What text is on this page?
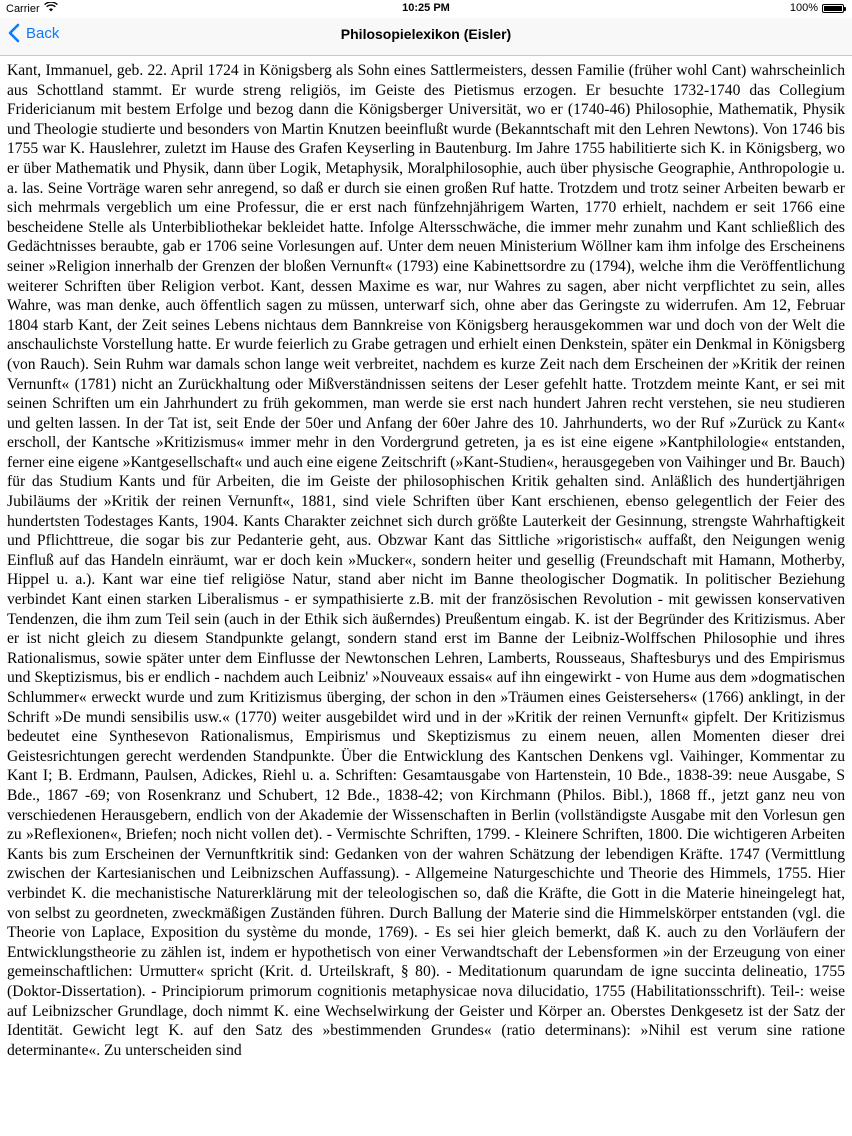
Carrier	10:25 PM	100%
Back	Philosopielexikon (Eisler)
Kant, Immanuel, geb. 22. April 1724 in Königsberg als Sohn eines Sattlermeisters, dessen Familie (früher wohl Cant) wahrscheinlich aus Schottland stammt. Er wurde streng religiös, im Geiste des Pietismus erzogen. Er besuchte 1732-1740 das Collegium Fridericianum mit bestem Erfolge und bezog dann die Königsberger Universität, wo er (1740-46) Philosophie, Mathematik, Physik und Theologie studierte und besonders von Martin Knutzen beeinflußt wurde (Bekanntschaft mit den Lehren Newtons). Von 1746 bis 1755 war K. Hauslehrer, zuletzt im Hause des Grafen Keyserling in Bautenburg. Im Jahre 1755 habilitierte sich K. in Königsberg, wo er über Mathematik und Physik, dann über Logik, Metaphysik, Moralphilosophie, auch über physische Geographie, Anthropologie u. a. las. Seine Vorträge waren sehr anregend, so daß er durch sie einen großen Ruf hatte. Trotzdem und trotz seiner Arbeiten bewarb er sich mehrmals vergeblich um eine Professur, die er erst nach fünfzehnjährigem Warten, 1770 erhielt, nachdem er seit 1766 eine bescheidene Stelle als Unterbibliothekar bekleidet hatte. Infolge Altersschwäche, die immer mehr zunahm und Kant schließlich des Gedächtnisses beraubte, gab er 1706 seine Vorlesungen auf. Unter dem neuen Ministerium Wöllner kam ihm infolge des Erscheinens seiner »Religion innerhalb der Grenzen der bloßen Vernunft« (1793) eine Kabinettsordre zu (1794), welche ihm die Veröffentlichung weiterer Schriften über Religion verbot. Kant, dessen Maxime es war, nur Wahres zu sagen, aber nicht verpflichtet zu sein, alles Wahre, was man denke, auch öffentlich sagen zu müssen, unterwarf sich, ohne aber das Geringste zu widerrufen. Am 12, Februar 1804 starb Kant, der Zeit seines Lebens nichtaus dem Bannkreise von Königsberg herausgekommen war und doch von der Welt die anschaulichste Vorstellung hatte. Er wurde feierlich zu Grabe getragen und erhielt einen Denkstein, später ein Denkmal in Königsberg (von Rauch). Sein Ruhm war damals schon lange weit verbreitet, nachdem es kurze Zeit nach dem Erscheinen der »Kritik der reinen Vernunft« (1781) nicht an Zurückhaltung oder Mißverständnissen seitens der Leser gefehlt hatte. Trotzdem meinte Kant, er sei mit seinen Schriften um ein Jahrhundert zu früh gekommen, man werde sie erst nach hundert Jahren recht verstehen, sie neu studieren und gelten lassen. In der Tat ist, seit Ende der 50er und Anfang der 60er Jahre des 10. Jahrhunderts, wo der Ruf »Zurück zu Kant« erscholl, der Kantsche »Kritizismus« immer mehr in den Vordergrund getreten, ja es ist eine eigene »Kantphilologie« entstanden, ferner eine eigene »Kantgesellschaft« und auch eine eigene Zeitschrift (»Kant-Studien«, herausgegeben von Vaihinger und Br. Bauch) für das Studium Kants und für Arbeiten, die im Geiste der philosophischen Kritik gehalten sind. Anläßlich des hundertjährigen Jubiläums der »Kritik der reinen Vernunft«, 1881, sind viele Schriften über Kant erschienen, ebenso gelegentlich der Feier des hundertsten Todestages Kants, 1904. Kants Charakter zeichnet sich durch größte Lauterkeit der Gesinnung, strengste Wahrhaftigkeit und Pflichttreue, die sogar bis zur Pedanterie geht, aus. Obzwar Kant das Sittliche »rigoristisch« auffaßt, den Neigungen wenig Einfluß auf das Handeln einräumt, war er doch kein »Mucker«, sondern heiter und gesellig (Freundschaft mit Hamann, Motherby, Hippel u. a.). Kant war eine tief religiöse Natur, stand aber nicht im Banne theologischer Dogmatik. In politischer Beziehung verbindet Kant einen starken Liberalismus - er sympathisierte z.B. mit der französischen Revolution - mit gewissen konservativen Tendenzen, die ihm zum Teil sein (auch in der Ethik sich äußerndes) Preußentum eingab. K. ist der Begründer des Kritizismus. Aber er ist nicht gleich zu diesem Standpunkte gelangt, sondern stand erst im Banne der Leibniz-Wolffschen Philosophie und ihres Rationalismus, sowie später unter dem Einflusse der Newtonschen Lehren, Lamberts, Rousseaus, Shaftesburys und des Empirismus und Skeptizismus, bis er endlich - nachdem auch Leibniz' »Nouveaux essais« auf ihn eingewirkt - von Hume aus dem »dogmatischen Schlummer« erweckt wurde und zum Kritizismus überging, der schon in den »Träumen eines Geistersehers« (1766) anklingt, in der Schrift »De mundi sensibilis usw.« (1770) weiter ausgebildet wird und in der »Kritik der reinen Vernunft« gipfelt. Der Kritizismus bedeutet eine Synthesevon Rationalismus, Empirismus und Skeptizismus zu einem neuen, allen Momenten dieser drei Geistesrichtungen gerecht werdenden Standpunkte. Über die Entwicklung des Kantschen Denkens vgl. Vaihinger, Kommentar zu Kant I; B. Erdmann, Paulsen, Adickes, Riehl u. a. Schriften: Gesamtausgabe von Hartenstein, 10 Bde., 1838-39: neue Ausgabe, S Bde., 1867 -69; von Rosenkranz und Schubert, 12 Bde., 1838-42; von Kirchmann (Philos. Bibl.), 1868 ff., jetzt ganz neu von verschiedenen Herausgebern, endlich von der Akademie der Wissenschaften in Berlin (vollständigste Ausgabe mit den Vorlesun gen zu »Reflexionen«, Briefen; noch nicht vollen det). - Vermischte Schriften, 1799. - Kleinere Schriften, 1800. Die wichtigeren Arbeiten Kants bis zum Erscheinen der Vernunftkritik sind: Gedanken von der wahren Schätzung der lebendigen Kräfte. 1747 (Vermittlung zwischen der Kartesianischen und Leibnizschen Auffassung). - Allgemeine Naturgeschichte und Theorie des Himmels, 1755. Hier verbindet K. die mechanistische Naturerklärung mit der teleologischen so, daß die Kräfte, die Gott in die Materie hineingelegt hat, von selbst zu geordneten, zweckmäßigen Zuständen führen. Durch Ballung der Materie sind die Himmelskörper entstanden (vgl. die Theorie von Laplace, Exposition du système du monde, 1769). - Es sei hier gleich bemerkt, daß K. auch zu den Vorläufern der Entwicklungstheorie zu zählen ist, indem er hypothetisch von einer Verwandtschaft der Lebensformen »in der Erzeugung von einer gemeinschaftlichen: Urmutter« spricht (Krit. d. Urteilskraft, § 80). - Meditationum quarundam de igne succinta delineatio, 1755 (Doktor-Dissertation). - Principiorum primorum cognitionis metaphysicae nova dilucidatio, 1755 (Habilitationsschrift). Teil-: weise auf Leibnizscher Grundlage, doch nimmt K. eine Wechselwirkung der Geister und Körper an. Oberstes Denkgesetz ist der Satz der Identität. Gewicht legt K. auf den Satz des »bestimmenden Grundes« (ratio determinans): »Nihil est verum sine ratione determinante«. Zu unterscheiden sind
